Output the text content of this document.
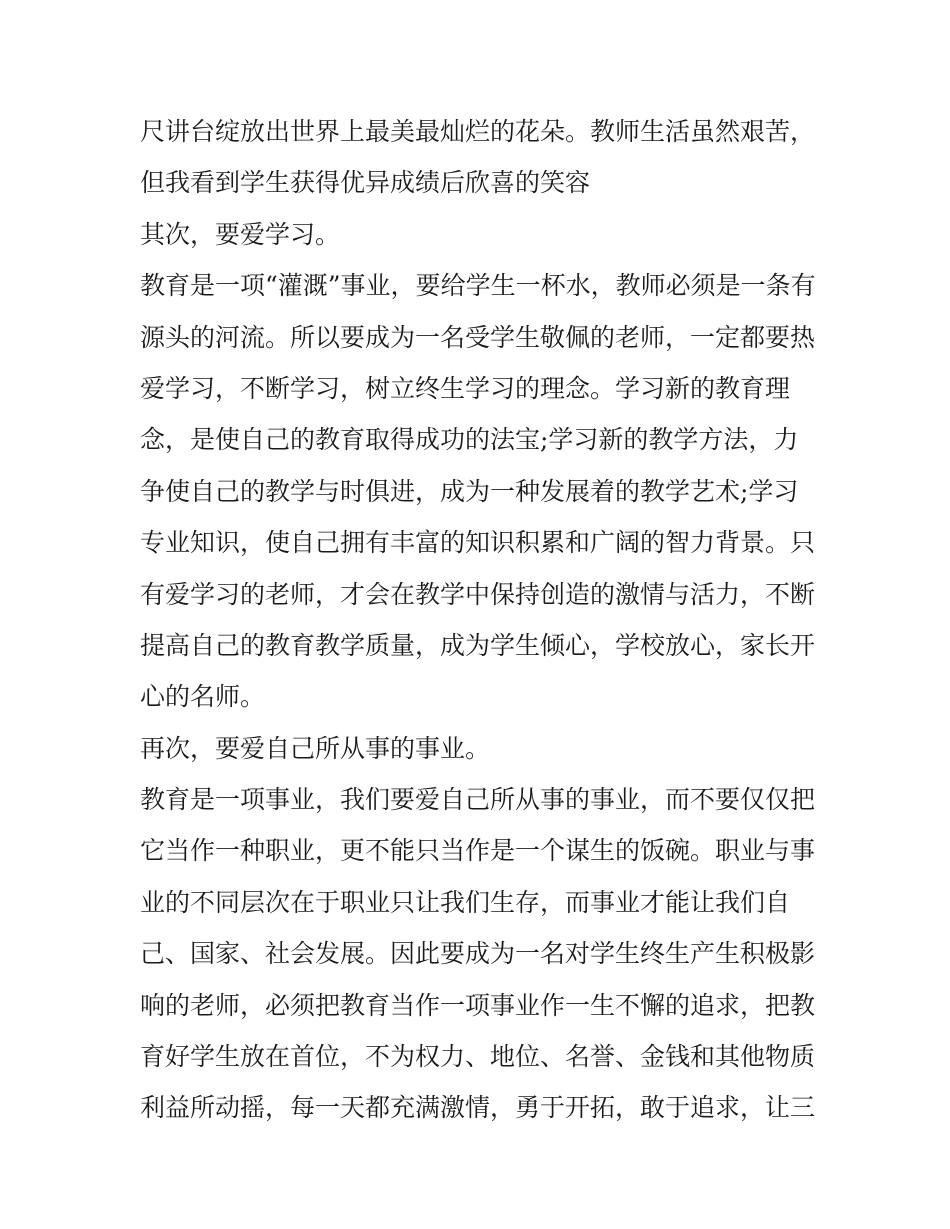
尺讲台绽放出世界上最美最灿烂的花朵。教师生活虽然艰苦，
但我看到学生获得优异成绩后欣喜的笑容
其次，要爱学习。
教育是一项“灌溉”事业，要给学生一杯水，教师必须是一条有
源头的河流。所以要成为一名受学生敬佩的老师，一定都要热
爱学习，不断学习，树立终生学习的理念。学习新的教育理
念，是使自己的教育取得成功的法宝;学习新的教学方法，力
争使自己的教学与时俱进，成为一种发展着的教学艺术;学习
专业知识，使自己拥有丰富的知识积累和广阔的智力背景。只
有爱学习的老师，才会在教学中保持创造的激情与活力，不断
提高自己的教育教学质量，成为学生倾心，学校放心，家长开
心的名师。
再次，要爱自己所从事的事业。
教育是一项事业，我们要爱自己所从事的事业，而不要仅仅把
它当作一种职业，更不能只当作是一个谋生的饭碗。职业与事
业的不同层次在于职业只让我们生存，而事业才能让我们自
己、国家、社会发展。因此要成为一名对学生终生产生积极影
响的老师，必须把教育当作一项事业作一生不懈的追求，把教
育好学生放在首位，不为权力、地位、名誉、金钱和其他物质
利益所动摇，每一天都充满激情，勇于开拓，敢于追求，让三
